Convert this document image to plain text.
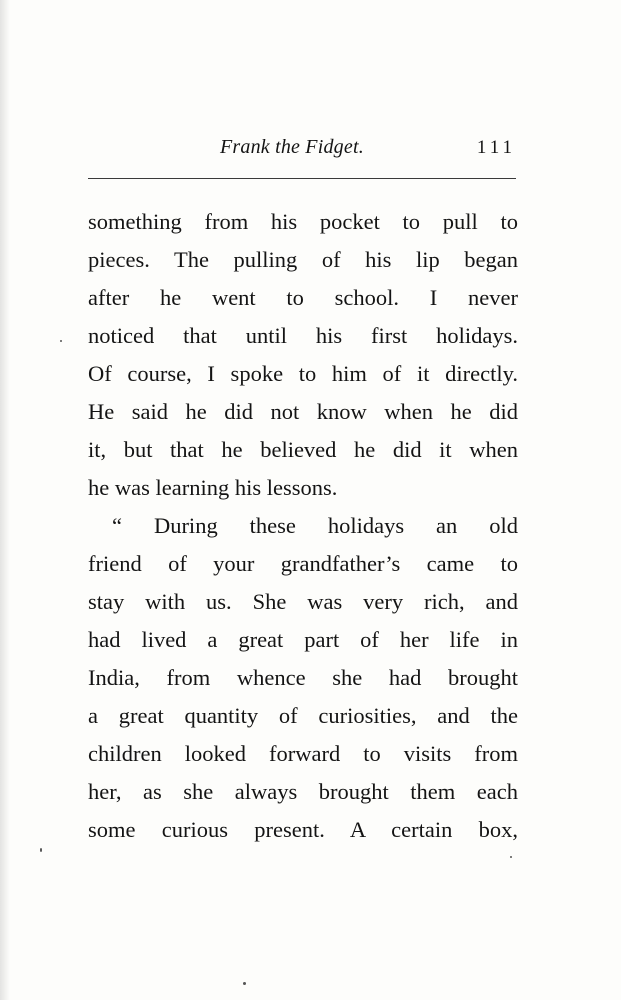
Frank the Fidget.	111
something from his pocket to pull to
pieces. The pulling of his lip began
after he went to school. I never
noticed that until his first holidays.
Of course, I spoke to him of it directly.
He said he did not know when he did
it, but that he believed he did it when
he was learning his lessons.
“ During these holidays an old
friend of your grandfather’s came to
stay with us. She was very rich, and
had lived a great part of her life in
India, from whence she had brought
a great quantity of curiosities, and the
children looked forward to visits from
her, as she always brought them each
some curious present. A certain box,
